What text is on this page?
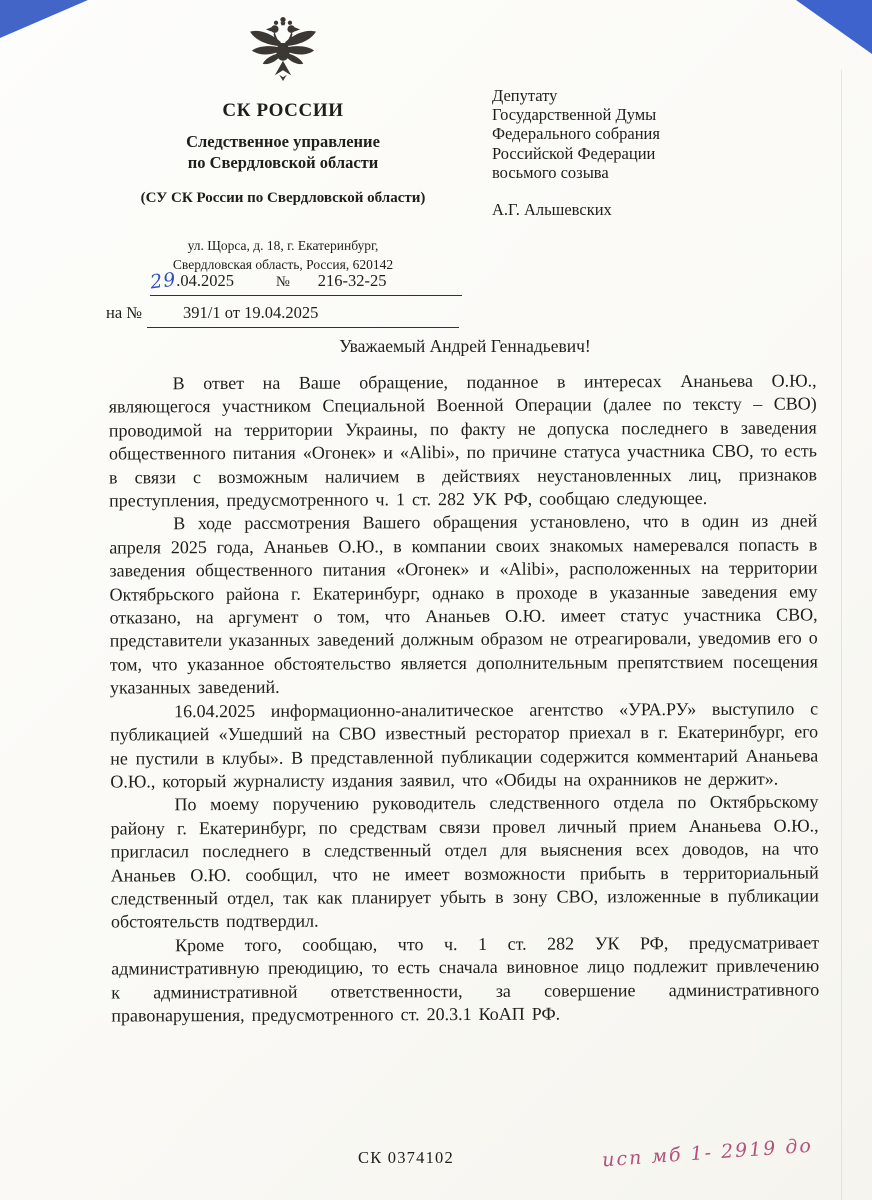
СК РОССИИ
Следственное управление
по Свердловской области
(СУ СК России по Свердловской области)
ул. Щорса, д. 18, г. Екатеринбург,
Свердловская область, Россия, 620142
29
.04.2025	№ 216-32-25
на №	391/1 от 19.04.2025
Депутату
Государственной Думы
Федерального собрания
Российской Федерации
восьмого созыва
А.Г. Альшевских
Уважаемый Андрей Геннадьевич!

В ответ на Ваше обращение, поданное в интересах Ананьева О.Ю., являющегося участником Специальной Военной Операции (далее по тексту – СВО) проводимой на территории Украины, по факту не допуска последнего в заведения общественного питания «Огонек» и «Alibi», по причине статуса участника СВО, то есть в связи с возможным наличием в действиях неустановленных лиц, признаков преступления, предусмотренного ч. 1 ст. 282 УК РФ, сообщаю следующее.

В ходе рассмотрения Вашего обращения установлено, что в один из дней апреля 2025 года, Ананьев О.Ю., в компании своих знакомых намеревался попасть в заведения общественного питания «Огонек» и «Alibi», расположенных на территории Октябрьского района г. Екатеринбург, однако в проходе в указанные заведения ему отказано, на аргумент о том, что Ананьев О.Ю. имеет статус участника СВО, представители указанных заведений должным образом не отреагировали, уведомив его о том, что указанное обстоятельство является дополнительным препятствием посещения указанных заведений.

16.04.2025 информационно-аналитическое агентство «УРА.РУ» выступило с публикацией «Ушедший на СВО известный ресторатор приехал в г. Екатеринбург, его не пустили в клубы». В представленной публикации содержится комментарий Ананьева О.Ю., который журналисту издания заявил, что «Обиды на охранников не держит».

По моему поручению руководитель следственного отдела по Октябрьскому району г. Екатеринбург, по средствам связи провел личный прием Ананьева О.Ю., пригласил последнего в следственный отдел для выяснения всех доводов, на что Ананьев О.Ю. сообщил, что не имеет возможности прибыть в территориальный следственный отдел, так как планирует убыть в зону СВО, изложенные в публикации обстоятельств подтвердил.

Кроме того, сообщаю, что ч. 1 ст. 282 УК РФ, предусматривает административную преюдицию, то есть сначала виновное лицо подлежит привлечению к административной ответственности, за совершение административного правонарушения, предусмотренного ст. 20.3.1 КоАП РФ.

СК 0374102	исп мб 1- 2919 до
